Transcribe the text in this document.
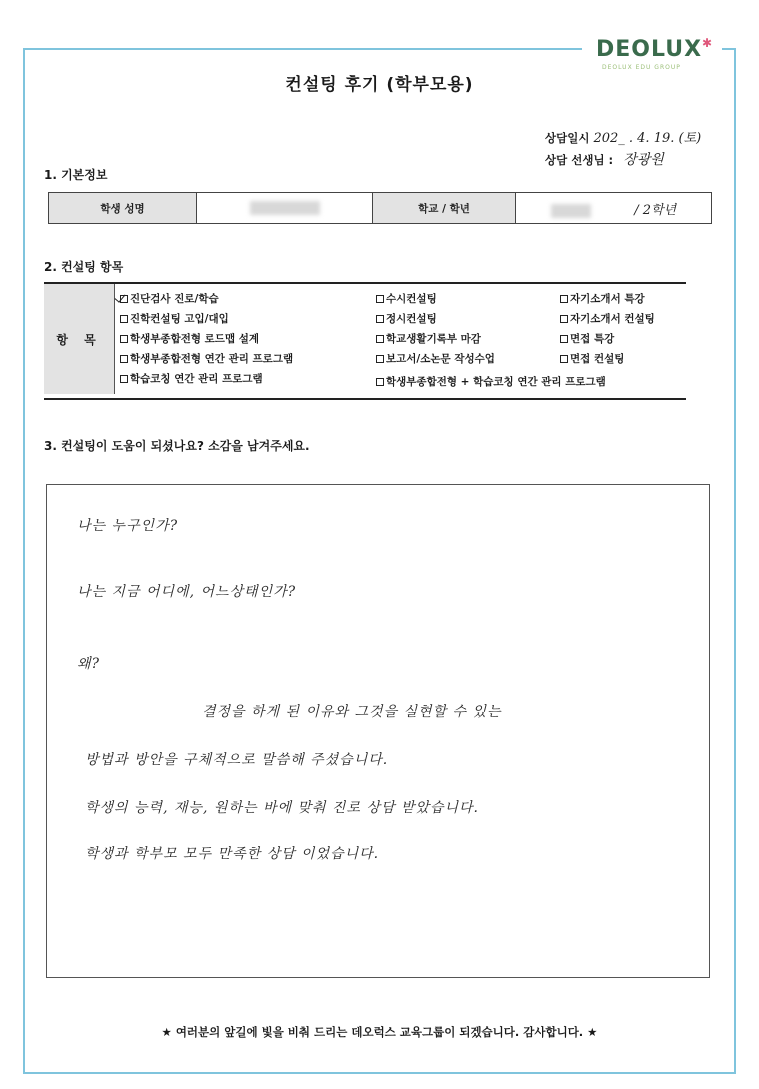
DEOLUX ✱
DEOLUX EDU GROUP
컨설팅 후기 (학부모용)
상담일시 202_ . 4. 19. (토)
상담 선생님 : 장광원
1. 기본정보
학생 성명		학교 / 학년	/ 2학년
2. 컨설팅 항목
항 목
진단검사 진로/학습
진학컨설팅 고입/대입
학생부종합전형 로드맵 설계
학생부종합전형 연간 관리 프로그램
학습코칭 연간 관리 프로그램
수시컨설팅
정시컨설팅
학교생활기록부 마감
보고서/소논문 작성수업
학생부종합전형 + 학습코칭 연간 관리 프로그램
자기소개서 특강
자기소개서 컨설팅
면접 특강
면접 컨설팅
3. 컨설팅이 도움이 되셨나요? 소감을 남겨주세요.
나는 누구인가?
나는 지금 어디에, 어느상태인가?
왜?
결정을 하게 된 이유와 그것을 실현할 수 있는
방법과 방안을 구체적으로 말씀해 주셨습니다.
학생의 능력, 재능, 원하는 바에 맞춰 진로 상담 받았습니다.
학생과 학부모 모두 만족한 상담 이었습니다.
★ 여러분의 앞길에 빛을 비춰 드리는 데오럭스 교육그룹이 되겠습니다. 감사합니다. ★
